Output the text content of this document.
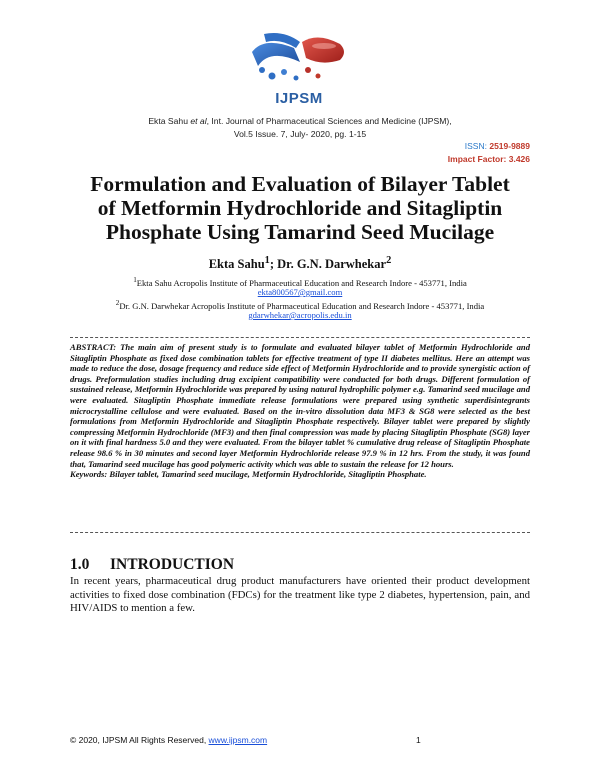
IJPSM
Ekta Sahu et al, Int. Journal of Pharmaceutical Sciences and Medicine (IJPSM),
Vol.5 Issue. 7, July- 2020, pg. 1-15
ISSN: 2519-9889
Impact Factor: 3.426
Formulation and Evaluation of Bilayer Tablet
of Metformin Hydrochloride and Sitagliptin
Phosphate Using Tamarind Seed Mucilage
Ekta Sahu$^1$; Dr. G.N. Darwhekar$^2$
$^1$Ekta Sahu Acropolis Institute of Pharmaceutical Education and Research Indore - 453771, India
ekta800567@gmail.com
$^2$Dr. G.N. Darwhekar Acropolis Institute of Pharmaceutical Education and Research Indore - 453771, India
gdarwhekar@acropolis.edu.in

ABSTRACT: The main aim of present study is to formulate and evaluated bilayer tablet of Metformin Hydrochloride and Sitagliptin Phosphate as fixed dose combination tablets for effective treatment of type II diabetes mellitus. Here an attempt was made to reduce the dose, dosage frequency and reduce side effect of Metformin Hydrochloride and to provide synergistic action of drugs. Preformulation studies including drug excipient compatibility were conducted for both drugs. Different formulation of sustained release, Metformin Hydrochloride was prepared by using natural hydrophilic polymer e.g. Tamarind seed mucilage and were evaluated. Sitagliptin Phosphate immediate release formulations were prepared using synthetic superdisintegrants microcrystalline cellulose and were evaluated. Based on the in-vitro dissolution data MF3 & SG8 were selected as the best formulations from Metformin Hydrochloride and Sitagliptin Phosphate respectively. Bilayer tablet were prepared by slightly compressing Metformin Hydrochloride (MF3) and then final compression was made by placing Sitagliptin Phosphate (SG8) layer on it with final hardness 5.0 and they were evaluated. From the bilayer tablet % cumulative drug release of Sitagliptin Phosphate release 98.6 % in 30 minutes and second layer Metformin Hydrochloride release 97.9 % in 12 hrs. From the study, it was found that, Tamarind seed mucilage has good polymeric activity which was able to sustain the release for 12 hours.

Keywords: Bilayer tablet, Tamarind seed mucilage, Metformin Hydrochloride, Sitagliptin Phosphate.

1.0 INTRODUCTION
In recent years, pharmaceutical drug product manufacturers have oriented their product development activities to fixed dose combination (FDCs) for the treatment like type 2 diabetes, hypertension, pain, and HIV/AIDS to mention a few.
© 2020, IJPSM All Rights Reserved, www.ijpsm.com	1
